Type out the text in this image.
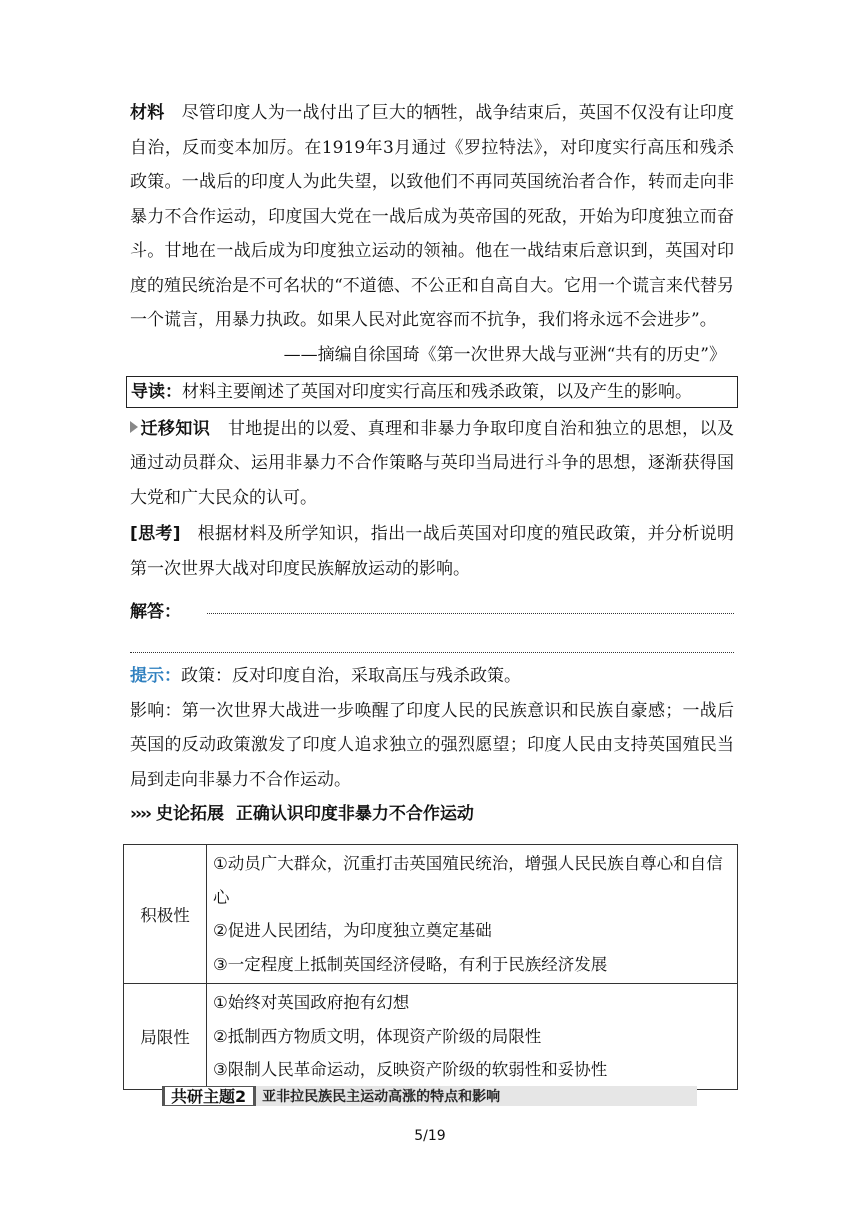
材料 尽管印度人为一战付出了巨大的牺牲，战争结束后，英国不仅没有让印度自治，反而变本加厉。在1919年3月通过《罗拉特法》，对印度实行高压和残杀政策。一战后的印度人为此失望，以致他们不再同英国统治者合作，转而走向非暴力不合作运动，印度国大党在一战后成为英帝国的死敌，开始为印度独立而奋斗。甘地在一战后成为印度独立运动的领袖。他在一战结束后意识到，英国对印度的殖民统治是不可名状的“不道德、不公正和自高自大。它用一个谎言来代替另一个谎言，用暴力执政。如果人民对此宽容而不抗争，我们将永远不会进步”。

——摘编自徐国琦《第一次世界大战与亚洲“共有的历史”》

导读：材料主要阐述了英国对印度实行高压和残杀政策，以及产生的影响。

迁移知识 甘地提出的以爱、真理和非暴力争取印度自治和独立的思想，以及通过动员群众、运用非暴力不合作策略与英印当局进行斗争的思想，逐渐获得国大党和广大民众的认可。

[思考] 根据材料及所学知识，指出一战后英国对印度的殖民政策，并分析说明第一次世界大战对印度民族解放运动的影响。

解答：

提示：政策：反对印度自治，采取高压与残杀政策。

影响：第一次世界大战进一步唤醒了印度人民的民族意识和民族自豪感；一战后英国的反动政策激发了印度人追求独立的强烈愿望；印度人民由支持英国殖民当局到走向非暴力不合作运动。

›››› 史论拓展 正确认识印度非暴力不合作运动

积极性	①动员广大群众，沉重打击英国殖民统治，增强人民民族自尊心和自信心
②促进人民团结，为印度独立奠定基础
③一定程度上抵制英国经济侵略，有利于民族经济发展

局限性	①始终对英国政府抱有幻想
②抵制西方物质文明，体现资产阶级的局限性
③限制人民革命运动，反映资产阶级的软弱性和妥协性
共研主题2	亚非拉民族民主运动高涨的特点和影响
5/19
